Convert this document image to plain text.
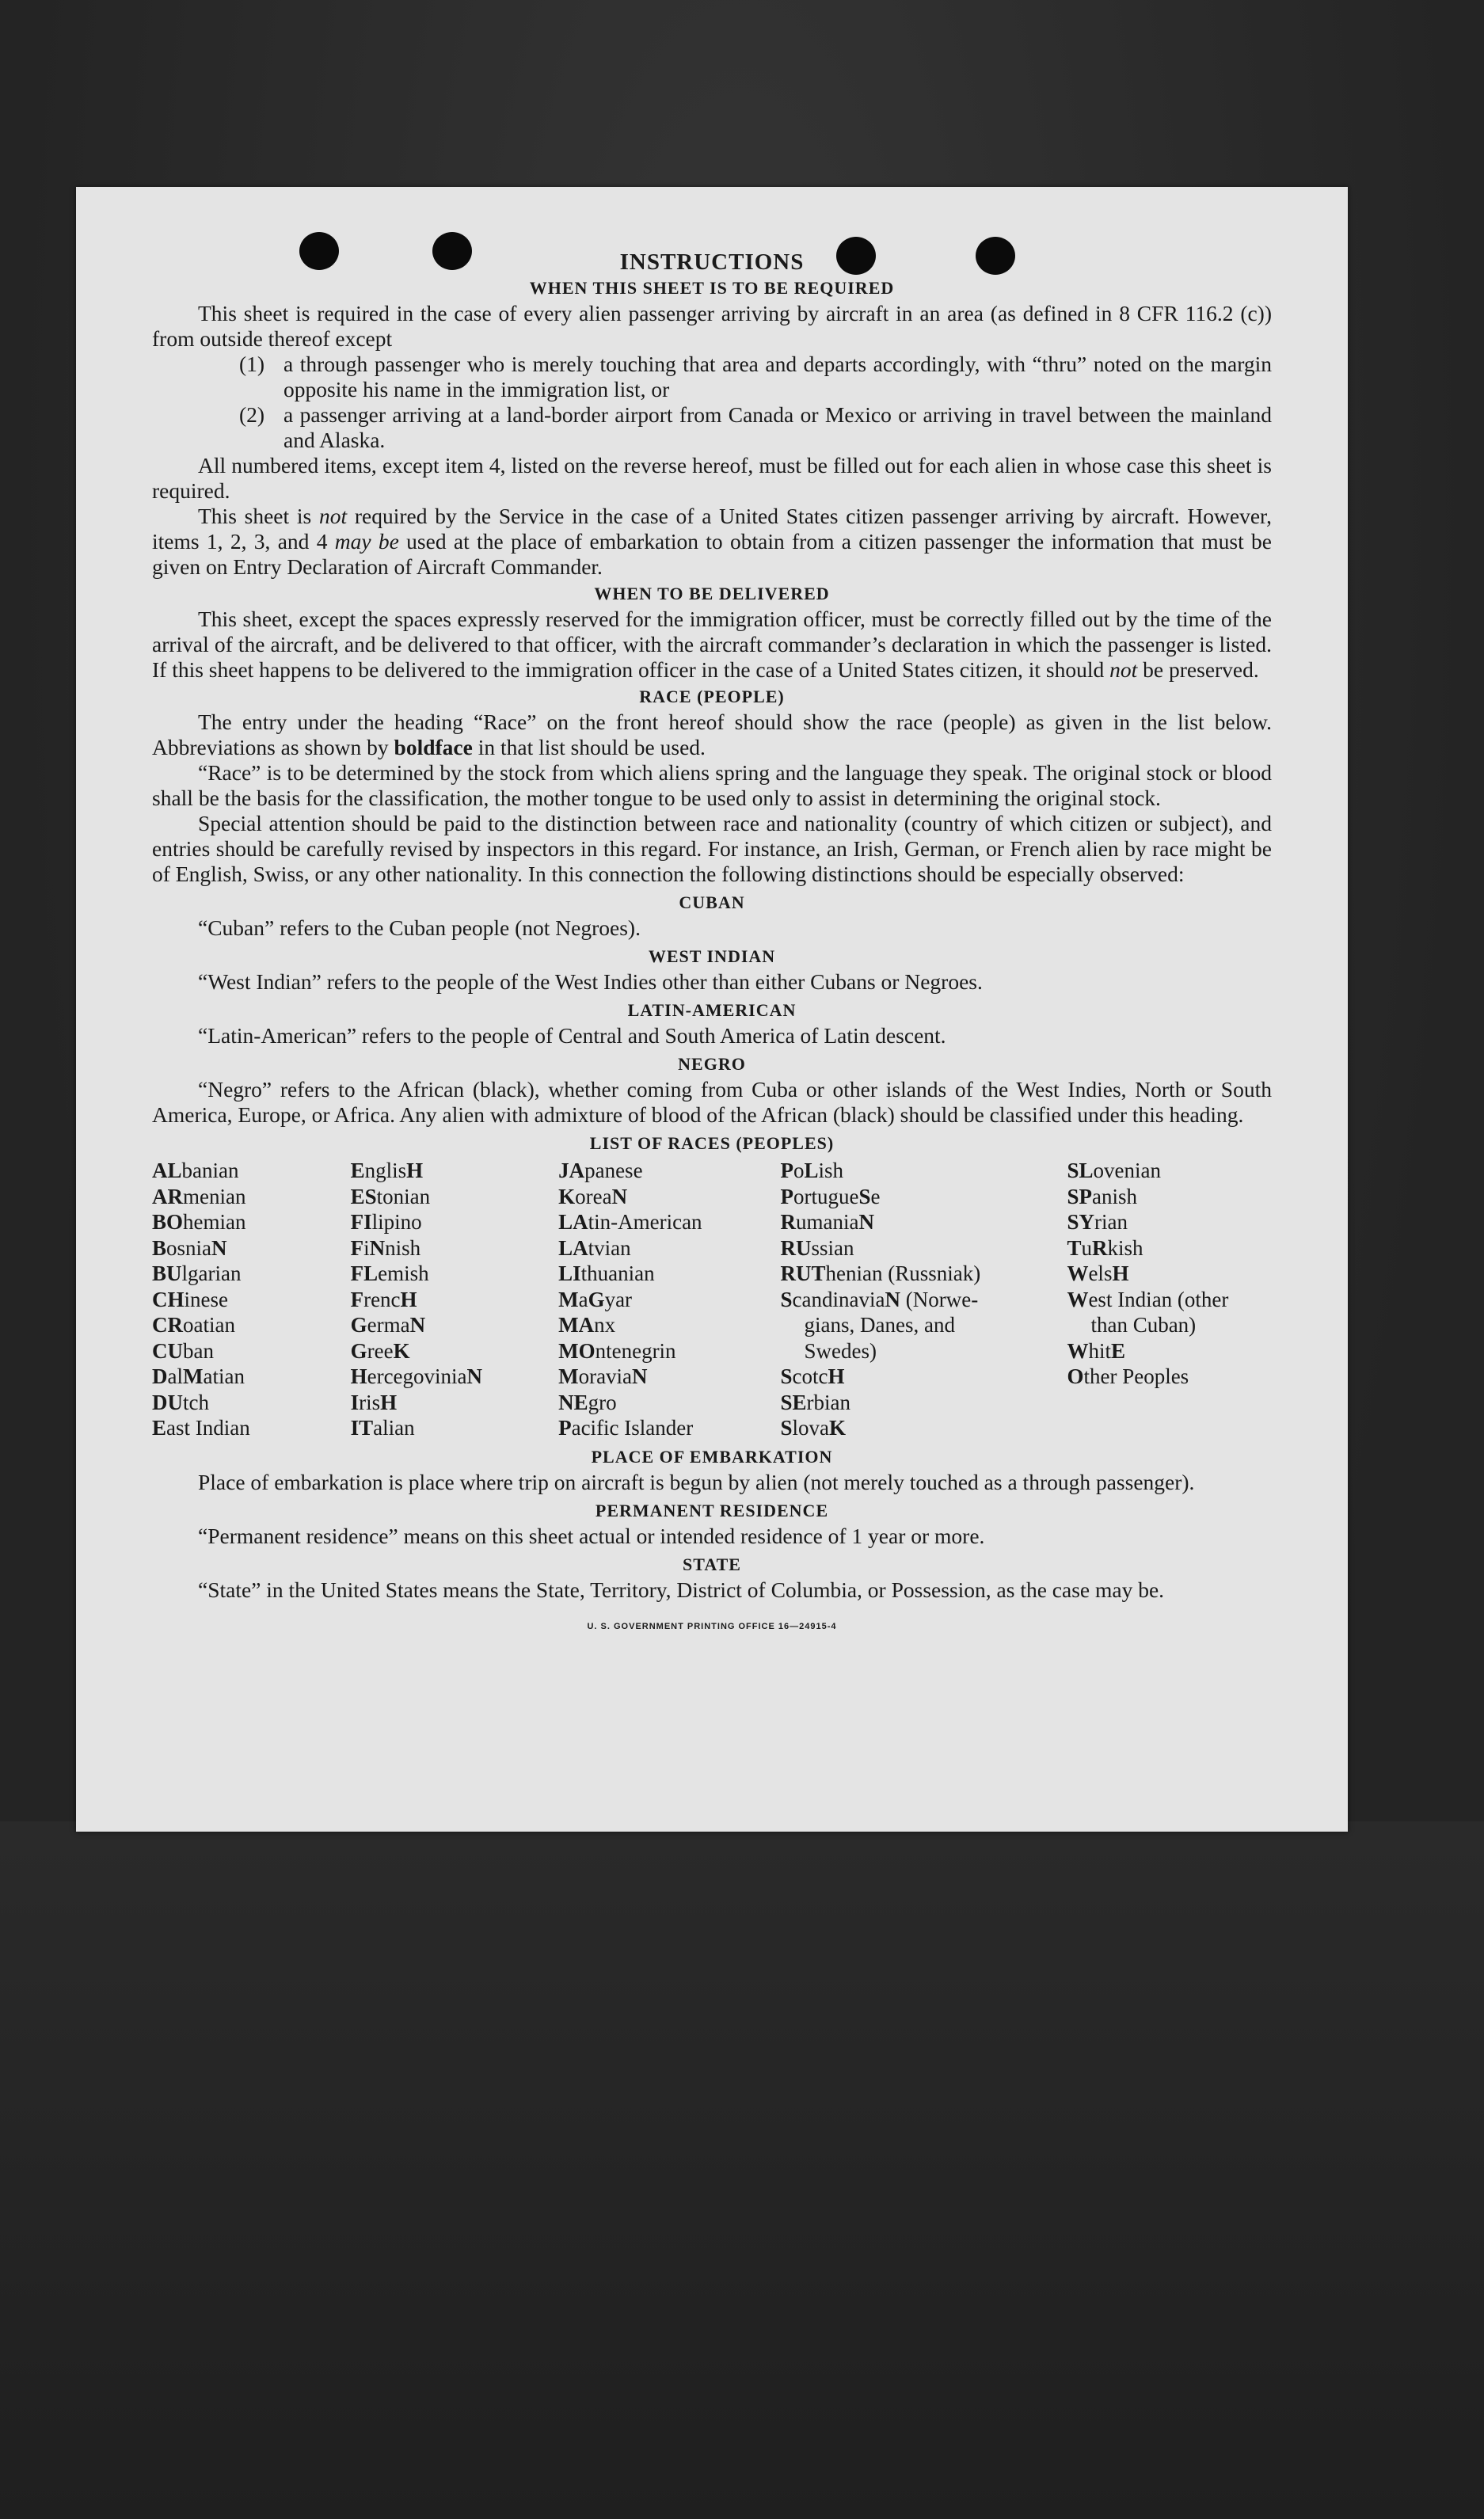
INSTRUCTIONS
WHEN THIS SHEET IS TO BE REQUIRED

This sheet is required in the case of every alien passenger arriving by aircraft in an area (as defined in 8 CFR 116.2 (c)) from outside thereof except

(1) a through passenger who is merely touching that area and departs accordingly, with “thru” noted on the margin opposite his name in the immigration list, or
(2) a passenger arriving at a land-border airport from Canada or Mexico or arriving in travel between the mainland and Alaska.

All numbered items, except item 4, listed on the reverse hereof, must be filled out for each alien in whose case this sheet is required.

This sheet is not required by the Service in the case of a United States citizen passenger arriving by aircraft. However, items 1, 2, 3, and 4 may be used at the place of embarkation to obtain from a citizen passenger the information that must be given on Entry Declaration of Aircraft Commander.

WHEN TO BE DELIVERED

This sheet, except the spaces expressly reserved for the immigration officer, must be correctly filled out by the time of the arrival of the aircraft, and be delivered to that officer, with the aircraft commander’s declaration in which the passenger is listed. If this sheet happens to be delivered to the immigration officer in the case of a United States citizen, it should not be preserved.

RACE (PEOPLE)

The entry under the heading “Race” on the front hereof should show the race (people) as given in the list below. Abbreviations as shown by boldface in that list should be used.

“Race” is to be determined by the stock from which aliens spring and the language they speak. The original stock or blood shall be the basis for the classification, the mother tongue to be used only to assist in determining the original stock.

Special attention should be paid to the distinction between race and nationality (country of which citizen or subject), and entries should be carefully revised by inspectors in this regard. For instance, an Irish, German, or French alien by race might be of English, Swiss, or any other nationality. In this connection the following distinctions should be especially observed:

CUBAN

“Cuban” refers to the Cuban people (not Negroes).

WEST INDIAN

“West Indian” refers to the people of the West Indies other than either Cubans or Negroes.

LATIN-AMERICAN

“Latin-American” refers to the people of Central and South America of Latin descent.

NEGRO

“Negro” refers to the African (black), whether coming from Cuba or other islands of the West Indies, North or South America, Europe, or Africa. Any alien with admixture of blood of the African (black) should be classified under this heading.

LIST OF RACES (PEOPLES)
ALbanian
ARmenian
BOhemian
BosniaN
BUlgarian
CHinese
CRoatian
CUban
DalMatian
DUtch
East Indian
EnglisH
EStonian
FIlipino
FiNnish
FLemish
FrencH
GermaN
GreeK
HercegoviniaN
IrisH
ITalian
JApanese
KoreaN
LAtin-American
LAtvian
LIthuanian
MaGyar
MAnx
MOntenegrin
MoraviaN
NEgro
Pacific Islander
PoLish
PortugueSe
RumaniaN
RUssian
RUThenian (Russniak)
ScandinaviaN (Norwe-
gians, Danes, and
Swedes)
ScotcH
SErbian
SlovaK
SLovenian
SPanish
SYrian
TuRkish
WelsH
West Indian (other
than Cuban)
WhitE
Other Peoples
PLACE OF EMBARKATION

Place of embarkation is place where trip on aircraft is begun by alien (not merely touched as a through passenger).

PERMANENT RESIDENCE

“Permanent residence” means on this sheet actual or intended residence of 1 year or more.

STATE

“State” in the United States means the State, Territory, District of Columbia, or Possession, as the case may be.

U. S. GOVERNMENT PRINTING OFFICE 16—24915-4
